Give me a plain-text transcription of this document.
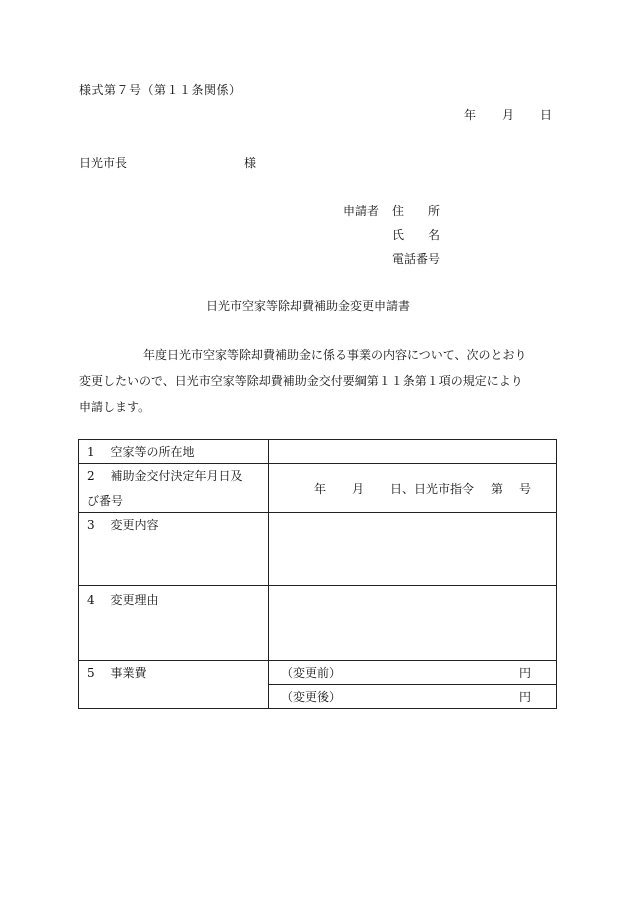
様式第７号（第１１条関係）
年 月 日
日光市長	様
申請者 住　　所
氏　　名
電話番号
日光市空家等除却費補助金変更申請書
年度日光市空家等除却費補助金に係る事業の内容について、次のとおり
変更したいので、日光市空家等除却費補助金交付要綱第１１条第１項の規定により
申請します。
1　 空家等の所在地	

2　 補助金交付決定年月日及
び番号	年 月 日、日光市指令 第 号

3　 変更内容	

4　 変更理由	

5　 事業費	（変更前） 円

	（変更後） 円
